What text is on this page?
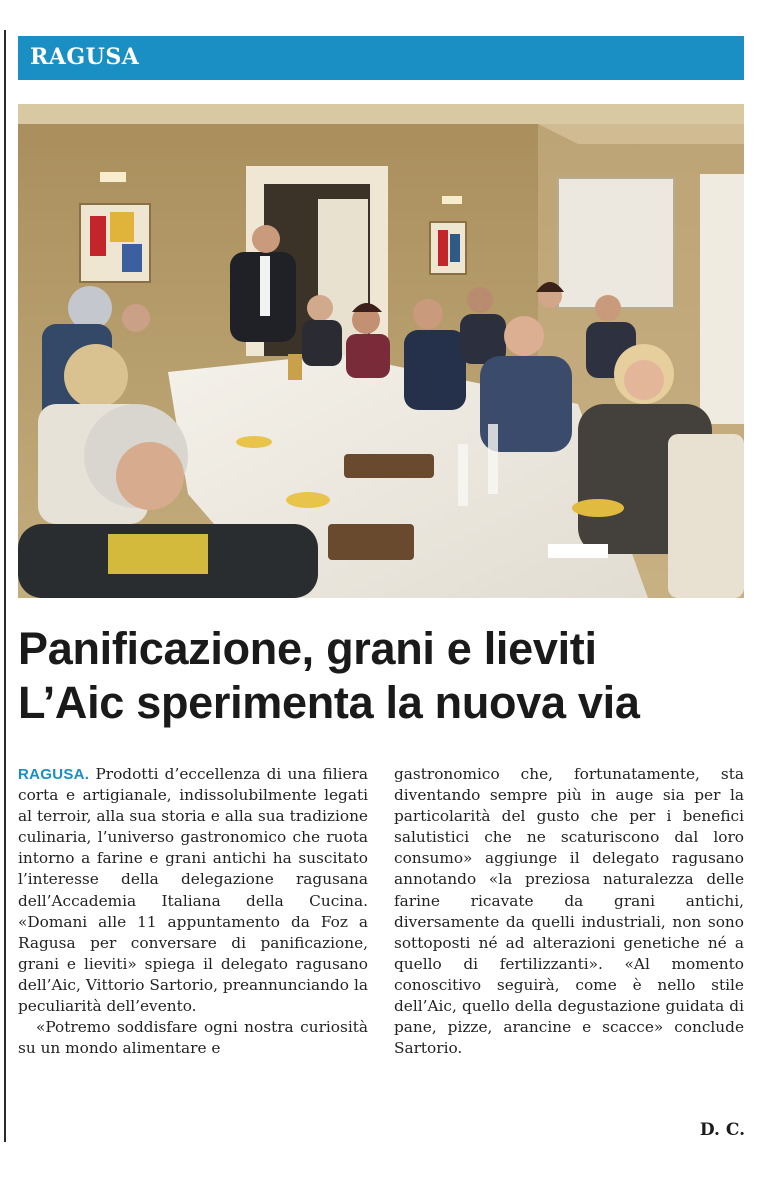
RAGUSA
Panificazione, grani e lieviti
L’Aic sperimenta la nuova via

RAGUSA. Prodotti d’eccellenza di una filiera corta e artigianale, indissolubilmente legati al terroir, alla sua storia e alla sua tradizione culinaria, l’universo gastronomico che ruota intorno a farine e grani antichi ha suscitato l’interesse della delegazione ragusana dell’Accademia Italiana della Cucina. «Domani alle 11 appuntamento da Foz a Ragusa per conversare di panificazione, grani e lieviti» spiega il delegato ragusano dell’Aic, Vittorio Sartorio, preannunciando la peculiarità dell’evento.

«Potremo soddisfare ogni nostra curiosità su un mondo alimentare e

gastronomico che, fortunatamente, sta diventando sempre più in auge sia per la particolarità del gusto che per i benefici salutistici che ne scaturiscono dal loro consumo» aggiunge il delegato ragusano annotando «la preziosa naturalezza delle farine ricavate da grani antichi, diversamente da quelli industriali, non sono sottoposti né ad alterazioni genetiche né a quello di fertilizzanti». «Al momento conoscitivo seguirà, come è nello stile dell’Aic, quello della degustazione guidata di pane, pizze, arancine e scacce» conclude Sartorio.

D. C.
